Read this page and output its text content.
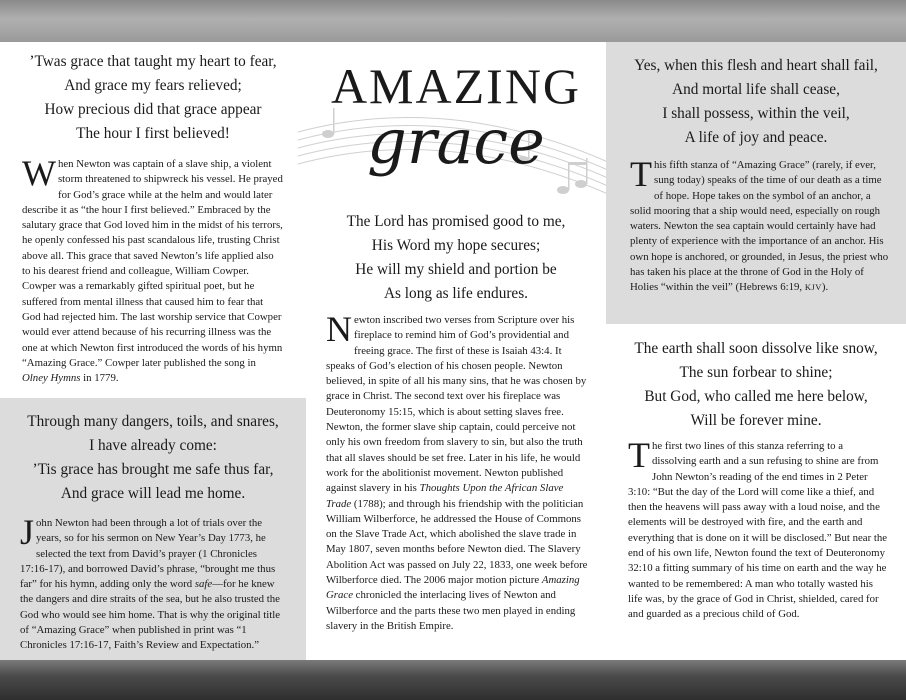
’Twas grace that taught my heart to fear,
And grace my fears relieved;
How precious did that grace appear
The hour I first believed!

When Newton was captain of a slave ship, a violent storm threatened to shipwreck his vessel. He prayed for God’s grace while at the helm and would later describe it as “the hour I first believed.” Embraced by the salutary grace that God loved him in the midst of his terrors, he openly confessed his past scandalous life, trusting Christ above all. This grace that saved Newton’s life applied also to his dearest friend and colleague, William Cowper. Cowper was a remarkably gifted spiritual poet, but he suffered from mental illness that caused him to fear that God had rejected him. The last worship service that Cowper would ever attend because of his recurring illness was the one at which Newton first introduced the words of his hymn “Amazing Grace.” Cowper later published the song in Olney Hymns in 1779.

Through many dangers, toils, and snares,
I have already come:
’Tis grace has brought me safe thus far,
And grace will lead me home.

John Newton had been through a lot of trials over the years, so for his sermon on New Year’s Day 1773, he selected the text from David’s prayer (1 Chronicles 17:16-17), and borrowed David’s phrase, “brought me thus far” for his hymn, adding only the word safe—for he knew the dangers and dire straits of the sea, but he also trusted the God who would see him home. That is why the original title of “Amazing Grace” when published in print was “1 Chronicles 17:16-17, Faith’s Review and Expectation.”

AMAZING
grace
The Lord has promised good to me,
His Word my hope secures;
He will my shield and portion be
As long as life endures.

Newton inscribed two verses from Scripture over his fireplace to remind him of God’s providential and freeing grace. The first of these is Isaiah 43:4. It speaks of God’s election of his chosen people. Newton believed, in spite of all his many sins, that he was chosen by grace in Christ. The second text over his fireplace was Deuteronomy 15:15, which is about setting slaves free. Newton, the former slave ship captain, could perceive not only his own freedom from slavery to sin, but also the truth that all slaves should be set free. Later in his life, he would work for the abolitionist movement. Newton published against slavery in his Thoughts Upon the African Slave Trade (1788); and through his friendship with the politician William Wilberforce, he addressed the House of Commons on the Slave Trade Act, which abolished the slave trade in May 1807, seven months before Newton died. The Slavery Abolition Act was passed on July 22, 1833, one week before Wilberforce died. The 2006 major motion picture Amazing Grace chronicled the interlacing lives of Newton and Wilberforce and the parts these two men played in ending slavery in the British Empire.

Yes, when this flesh and heart shall fail,
And mortal life shall cease,
I shall possess, within the veil,
A life of joy and peace.

This fifth stanza of “Amazing Grace” (rarely, if ever, sung today) speaks of the time of our death as a time of hope. Hope takes on the symbol of an anchor, a solid mooring that a ship would need, especially on rough waters. Newton the sea captain would certainly have had plenty of experience with the importance of an anchor. His own hope is anchored, or grounded, in Jesus, the priest who has taken his place at the throne of God in the Holy of Holies “within the veil” (Hebrews 6:19, KJV).

The earth shall soon dissolve like snow,
The sun forbear to shine;
But God, who called me here below,
Will be forever mine.

The first two lines of this stanza referring to a dissolving earth and a sun refusing to shine are from John Newton’s reading of the end times in 2 Peter 3:10: “But the day of the Lord will come like a thief, and then the heavens will pass away with a loud noise, and the elements will be destroyed with fire, and the earth and everything that is done on it will be disclosed.” But near the end of his own life, Newton found the text of Deuteronomy 32:10 a fitting summary of his time on earth and the way he wanted to be remembered: A man who totally wasted his life was, by the grace of God in Christ, shielded, cared for and guarded as a precious child of God.
